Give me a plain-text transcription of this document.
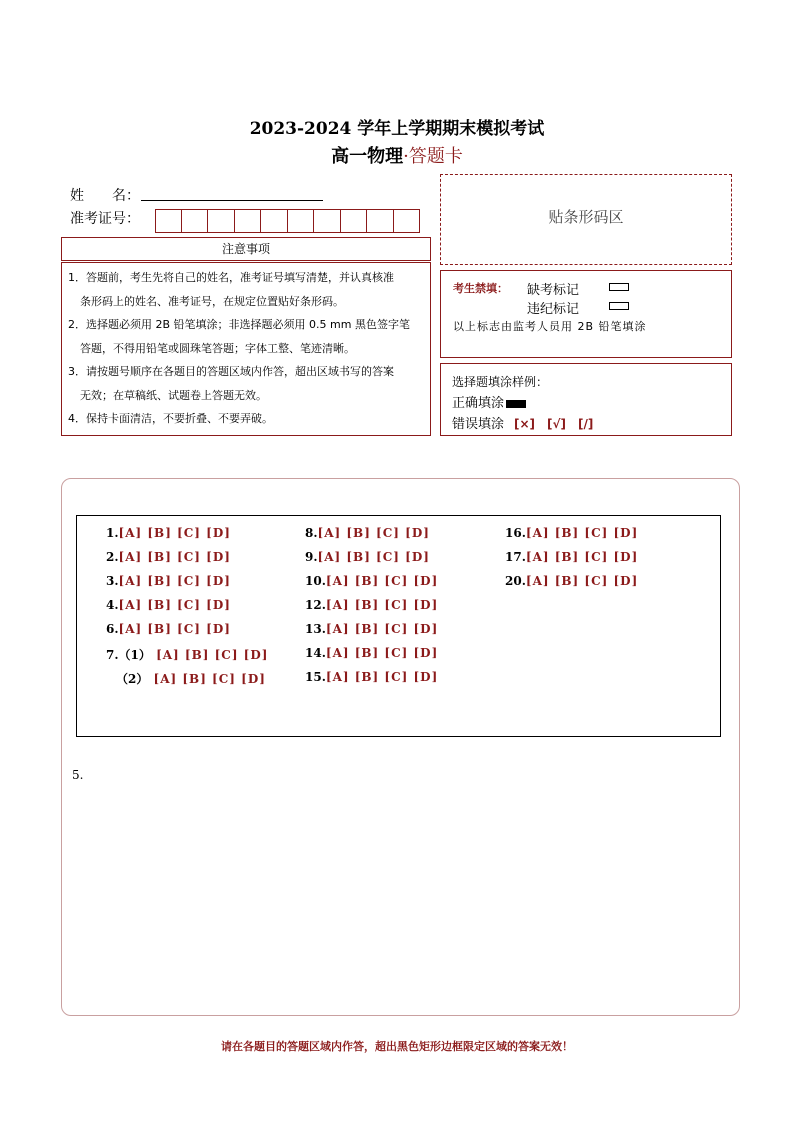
2023-2024 学年上学期期末模拟考试
高一物理·答题卡
姓　　名：
准考证号：
注意事项

1．答题前，考生先将自己的姓名，准考证号填写清楚，并认真核准

条形码上的姓名、准考证号，在规定位置贴好条形码。

2．选择题必须用 2B 铅笔填涂；非选择题必须用 0.5 mm 黑色签字笔

答题，不得用铅笔或圆珠笔答题；字体工整、笔迹清晰。

3．请按题号顺序在各题目的答题区域内作答，超出区域书写的答案

无效；在草稿纸、试题卷上答题无效。

4．保持卡面清洁，不要折叠、不要弄破。

贴条形码区
考生禁填： 缺考标记
违纪标记
以上标志由监考人员用 2B 铅笔填涂
选择题填涂样例：
正确填涂
错误填涂 [×]　[√]　[/]
1.[A] [B] [C] [D]
2.[A] [B] [C] [D]
3.[A] [B] [C] [D]
4.[A] [B] [C] [D]
6.[A] [B] [C] [D]
7.（1） [A] [B] [C] [D]
（2） [A] [B] [C] [D]
8.[A] [B] [C] [D]
9.[A] [B] [C] [D]
10.[A] [B] [C] [D]
12.[A] [B] [C] [D]
13.[A] [B] [C] [D]
14.[A] [B] [C] [D]
15.[A] [B] [C] [D]
16.[A] [B] [C] [D]
17.[A] [B] [C] [D]
20.[A] [B] [C] [D]
5.
请在各题目的答题区域内作答，超出黑色矩形边框限定区域的答案无效！
